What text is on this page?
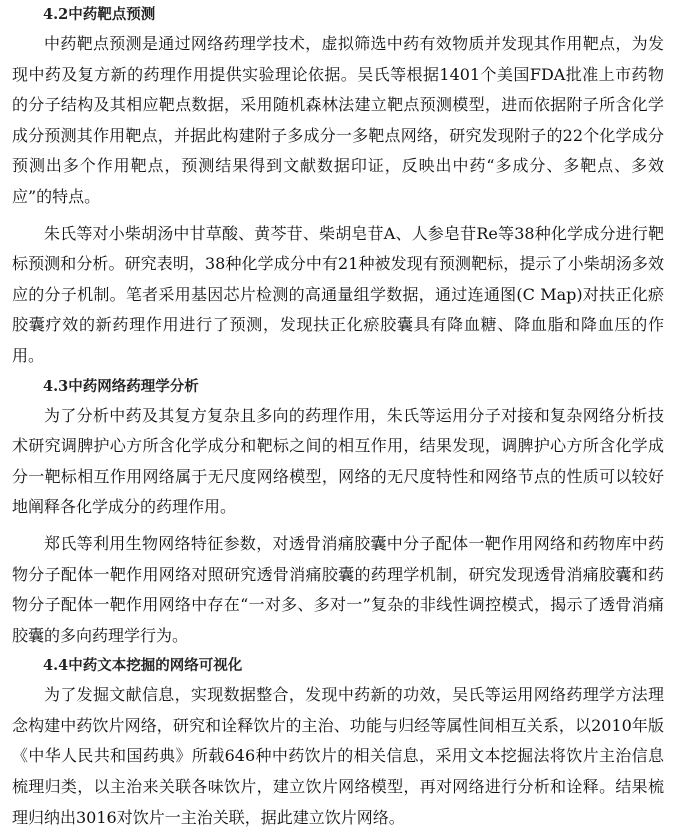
4.2中药靶点预测

中药靶点预测是通过网络药理学技术，虚拟筛选中药有效物质并发现其作用靶点，为发现中药及复方新的药理作用提供实验理论依据。吴氏等根据1401个美国FDA批准上市药物的分子结构及其相应靶点数据，采用随机森林法建立靶点预测模型，进而依据附子所含化学成分预测其作用靶点，并据此构建附子多成分一多靶点网络，研究发现附子的22个化学成分预测出多个作用靶点，预测结果得到文献数据印证，反映出中药“多成分、多靶点、多效应”的特点。

朱氏等对小柴胡汤中甘草酸、黄芩苷、柴胡皂苷A、人参皂苷Re等38种化学成分进行靶标预测和分析。研究表明，38种化学成分中有21种被发现有预测靶标，提示了小柴胡汤多效应的分子机制。笔者采用基因芯片检测的高通量组学数据，通过连通图(C Map)对扶正化瘀胶囊疗效的新药理作用进行了预测，发现扶正化瘀胶囊具有降血糖、降血脂和降血压的作用。

4.3中药网络药理学分析

为了分析中药及其复方复杂且多向的药理作用，朱氏等运用分子对接和复杂网络分析技术研究调脾护心方所含化学成分和靶标之间的相互作用，结果发现，调脾护心方所含化学成分一靶标相互作用网络属于无尺度网络模型，网络的无尺度特性和网络节点的性质可以较好地阐释各化学成分的药理作用。

郑氏等利用生物网络特征参数，对透骨消痛胶囊中分子配体一靶作用网络和药物库中药物分子配体一靶作用网络对照研究透骨消痛胶囊的药理学机制，研究发现透骨消痛胶囊和药物分子配体一靶作用网络中存在“一对多、多对一”复杂的非线性调控模式，揭示了透骨消痛胶囊的多向药理学行为。

4.4中药文本挖掘的网络可视化

为了发掘文献信息，实现数据整合，发现中药新的功效，吴氏等运用网络药理学方法理念构建中药饮片网络，研究和诠释饮片的主治、功能与归经等属性间相互关系，以2010年版《中华人民共和国药典》所载646种中药饮片的相关信息，采用文本挖掘法将饮片主治信息梳理归类，以主治来关联各味饮片，建立饮片网络模型，再对网络进行分析和诠释。结果梳理归纳出3016对饮片一主治关联，据此建立饮片网络。
